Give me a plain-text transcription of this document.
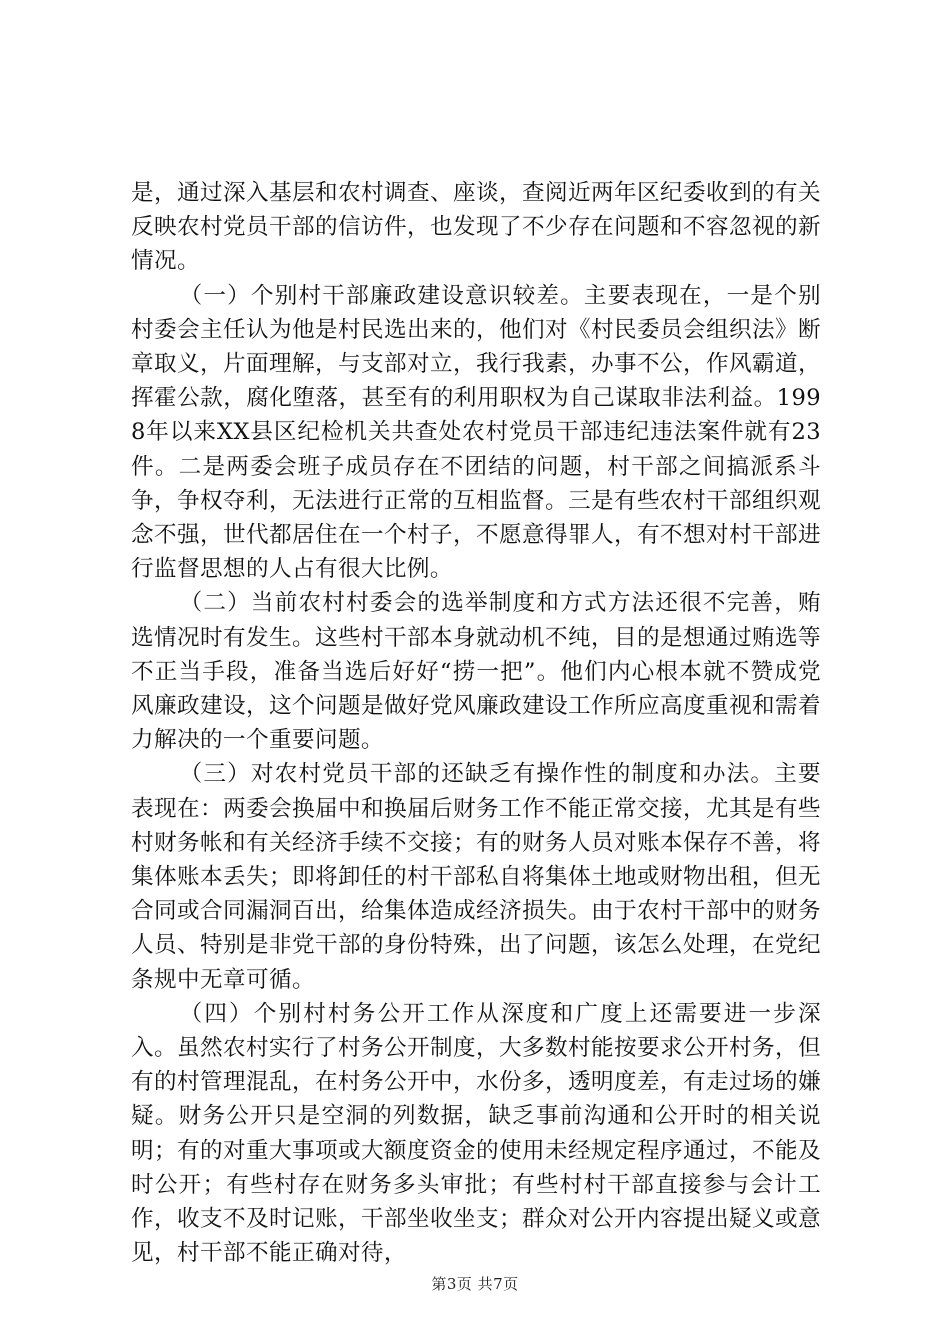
是，通过深入基层和农村调查、座谈，查阅近两年区纪委收到的有关反映农村党员干部的信访件，也发现了不少存在问题和不容忽视的新情况。

（一）个别村干部廉政建设意识较差。主要表现在，一是个别村委会主任认为他是村民选出来的，他们对《村民委员会组织法》断章取义，片面理解，与支部对立，我行我素，办事不公，作风霸道，挥霍公款，腐化堕落，甚至有的利用职权为自己谋取非法利益。1998年以来XX县区纪检机关共查处农村党员干部违纪违法案件就有23件。二是两委会班子成员存在不团结的问题，村干部之间搞派系斗争，争权夺利，无法进行正常的互相监督。三是有些农村干部组织观念不强，世代都居住在一个村子，不愿意得罪人，有不想对村干部进行监督思想的人占有很大比例。

（二）当前农村村委会的选举制度和方式方法还很不完善，贿选情况时有发生。这些村干部本身就动机不纯，目的是想通过贿选等不正当手段，准备当选后好好“捞一把”。他们内心根本就不赞成党风廉政建设，这个问题是做好党风廉政建设工作所应高度重视和需着力解决的一个重要问题。

（三）对农村党员干部的还缺乏有操作性的制度和办法。主要表现在：两委会换届中和换届后财务工作不能正常交接，尤其是有些村财务帐和有关经济手续不交接；有的财务人员对账本保存不善，将集体账本丢失；即将卸任的村干部私自将集体土地或财物出租，但无合同或合同漏洞百出，给集体造成经济损失。由于农村干部中的财务人员、特别是非党干部的身份特殊，出了问题，该怎么处理，在党纪条规中无章可循。

（四）个别村村务公开工作从深度和广度上还需要进一步深入。虽然农村实行了村务公开制度，大多数村能按要求公开村务，但有的村管理混乱，在村务公开中，水份多，透明度差，有走过场的嫌疑。财务公开只是空洞的列数据，缺乏事前沟通和公开时的相关说明；有的对重大事项或大额度资金的使用未经规定程序通过，不能及时公开；有些村存在财务多头审批；有些村村干部直接参与会计工作，收支不及时记账，干部坐收坐支；群众对公开内容提出疑义或意见，村干部不能正确对待，

第3页 共7页
